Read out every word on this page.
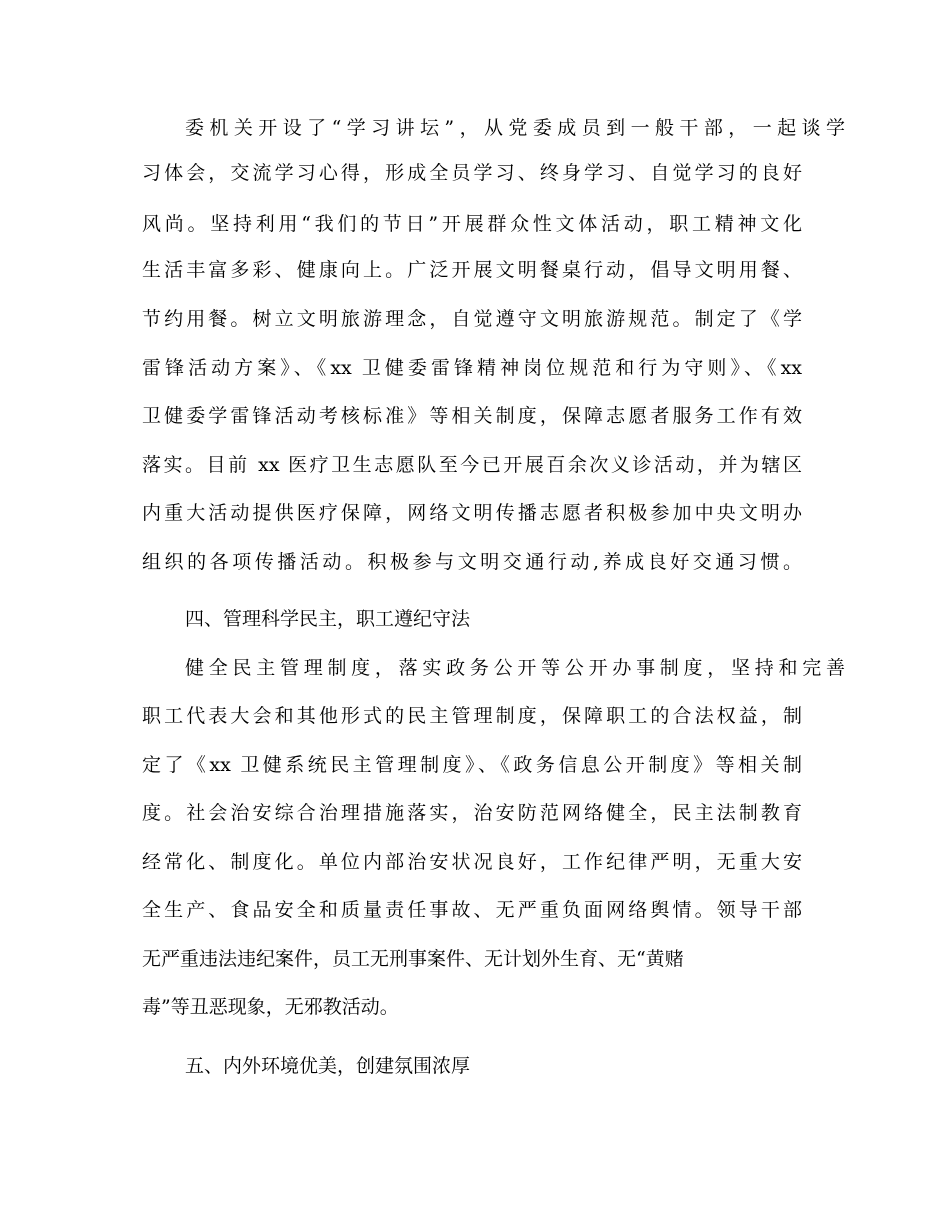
委机关开设了“学习讲坛”，从党委成员到一般干部，一起谈学
习体会，交流学习心得，形成全员学习、终身学习、自觉学习的良好
风尚。坚持利用“我们的节日”开展群众性文体活动，职工精神文化
生活丰富多彩、健康向上。广泛开展文明餐桌行动，倡导文明用餐、
节约用餐。树立文明旅游理念，自觉遵守文明旅游规范。制定了《学
雷锋活动方案》、《xx 卫健委雷锋精神岗位规范和行为守则》、《xx
卫健委学雷锋活动考核标准》等相关制度，保障志愿者服务工作有效
落实。目前 xx 医疗卫生志愿队至今已开展百余次义诊活动，并为辖区
内重大活动提供医疗保障，网络文明传播志愿者积极参加中央文明办
组织的各项传播活动。积极参与文明交通行动,养成良好交通习惯。
四、管理科学民主，职工遵纪守法
健全民主管理制度，落实政务公开等公开办事制度，坚持和完善
职工代表大会和其他形式的民主管理制度，保障职工的合法权益，制
定了《xx 卫健系统民主管理制度》、《政务信息公开制度》等相关制
度。社会治安综合治理措施落实，治安防范网络健全，民主法制教育
经常化、制度化。单位内部治安状况良好，工作纪律严明，无重大安
全生产、食品安全和质量责任事故、无严重负面网络舆情。领导干部
无严重违法违纪案件，员工无刑事案件、无计划外生育、无“黄赌
毒”等丑恶现象，无邪教活动。
五、内外环境优美，创建氛围浓厚
